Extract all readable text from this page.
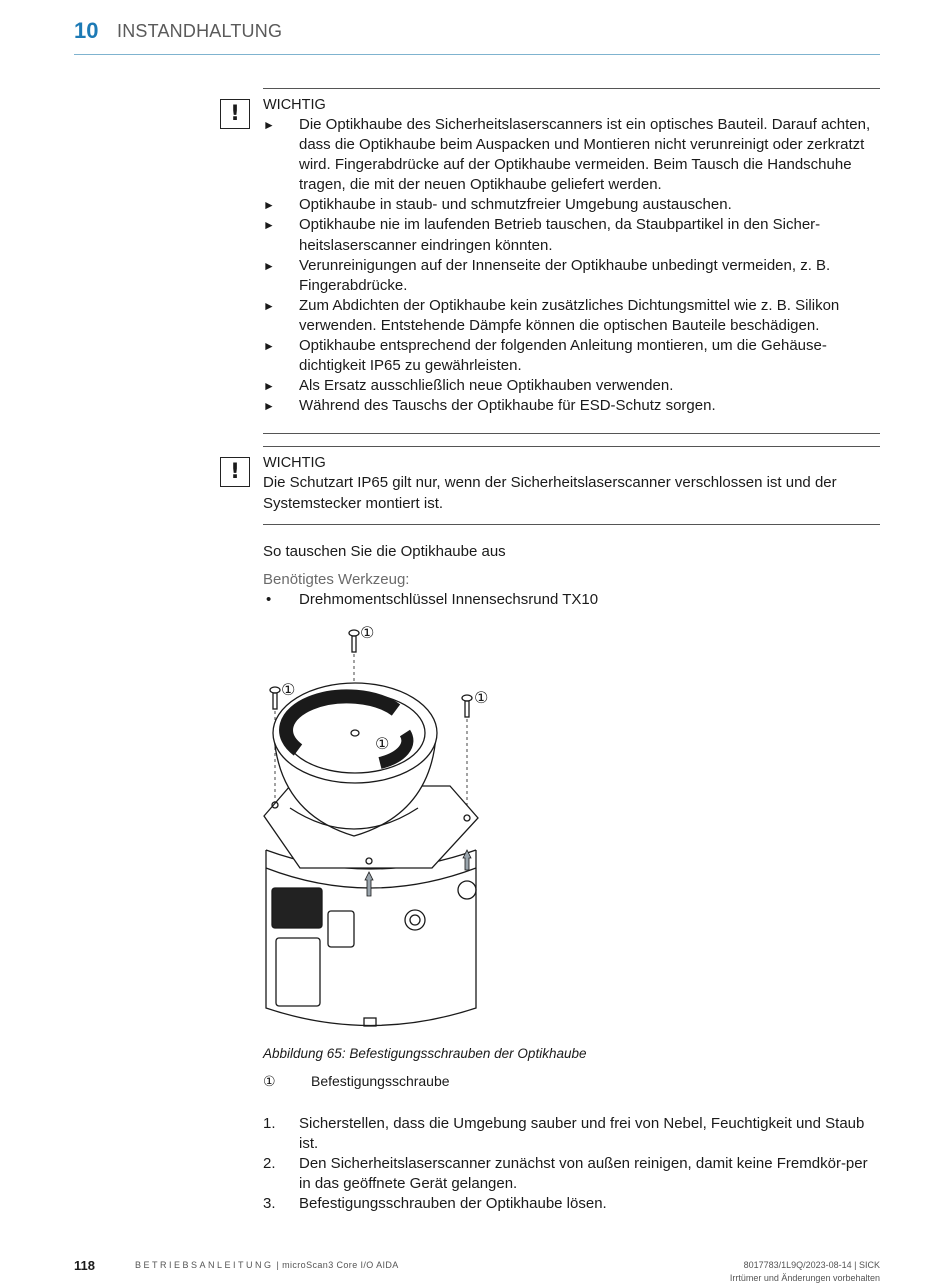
10 INSTANDHALTUNG
!	WICHTIG
► Die Optikhaube des Sicherheitslaserscanners ist ein optisches Bauteil. Darauf achten, dass die Optikhaube beim Auspacken und Montieren nicht verunreinigt oder zerkratzt wird. Fingerabdrücke auf der Optikhaube vermeiden. Beim Tausch die Handschuhe tragen, die mit der neuen Optikhaube geliefert werden.
► Optikhaube in staub- und schmutzfreier Umgebung austauschen.
► Optikhaube nie im laufenden Betrieb tauschen, da Staubpartikel in den Sicher-heitslaserscanner eindringen könnten.
► Verunreinigungen auf der Innenseite der Optikhaube unbedingt vermeiden, z. B. Fingerabdrücke.
► Zum Abdichten der Optikhaube kein zusätzliches Dichtungsmittel wie z. B. Silikon verwenden. Entstehende Dämpfe können die optischen Bauteile beschädigen.
► Optikhaube entsprechend der folgenden Anleitung montieren, um die Gehäuse-dichtigkeit IP65 zu gewährleisten.
► Als Ersatz ausschließlich neue Optikhauben verwenden.
► Während des Tauschs der Optikhaube für ESD-Schutz sorgen.
!	WICHTIG

Die Schutzart IP65 gilt nur, wenn der Sicherheitslaserscanner verschlossen ist und der Systemstecker montiert ist.

So tauschen Sie die Optikhaube aus
Benötigtes Werkzeug:
• Drehmomentschlüssel Innensechsrund TX10
①
①	①
①
Abbildung 65: Befestigungsschrauben der Optikhaube
①	Befestigungsschraube
1. Sicherstellen, dass die Umgebung sauber und frei von Nebel, Feuchtigkeit und Staub ist.
2. Den Sicherheitslaserscanner zunächst von außen reinigen, damit keine Fremdkör-per in das geöffnete Gerät gelangen.
3. Befestigungsschrauben der Optikhaube lösen.
118	BETRIEBSANLEITUNG | microScan3 Core I/O AIDA	8017783/1L9Q/2023-08-14 | SICK
Irrtümer und Änderungen vorbehalten
